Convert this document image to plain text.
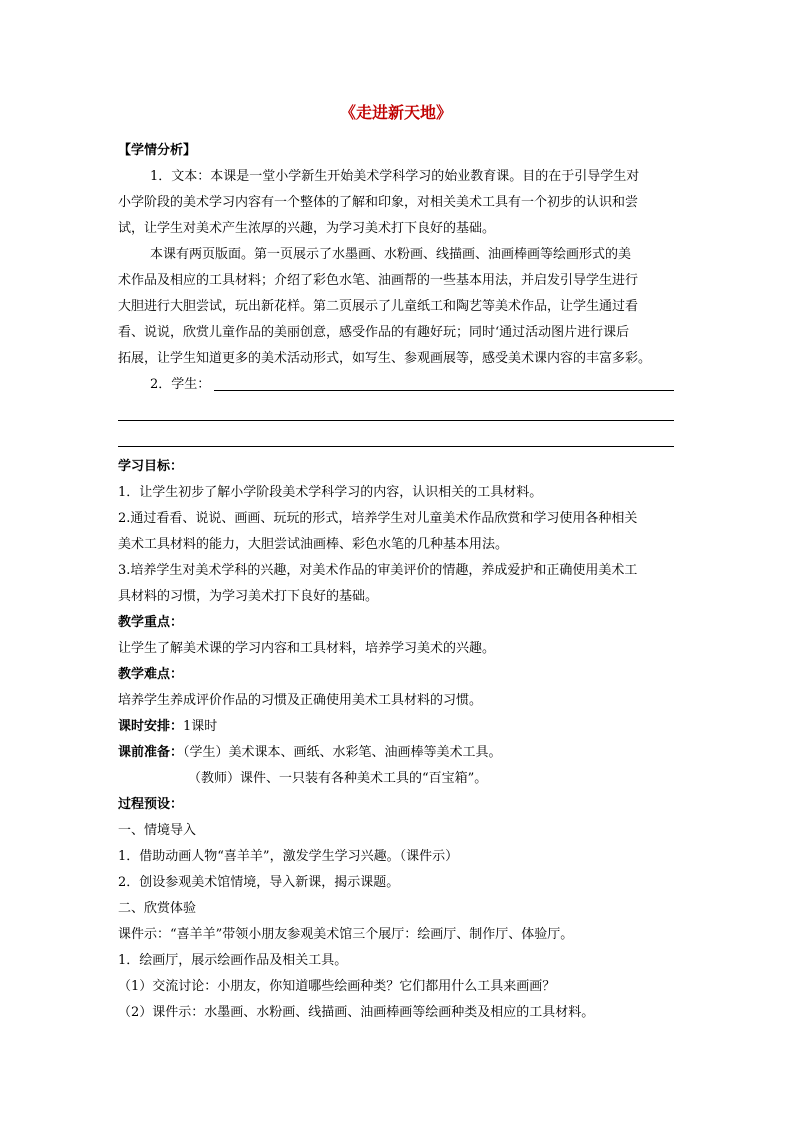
《走进新天地》
【学情分析】
1．文本：本课是一堂小学新生开始美术学科学习的始业教育课。目的在于引导学生对
小学阶段的美术学习内容有一个整体的了解和印象，对相关美术工具有一个初步的认识和尝
试，让学生对美术产生浓厚的兴趣，为学习美术打下良好的基础。
本课有两页版面。第一页展示了水墨画、水粉画、线描画、油画棒画等绘画形式的美
术作品及相应的工具材料；介绍了彩色水笔、油画帮的一些基本用法，并启发引导学生进行
大胆进行大胆尝试，玩出新花样。第二页展示了儿童纸工和陶艺等美术作品，让学生通过看
看、说说，欣赏儿童作品的美丽创意，感受作品的有趣好玩；同时‘通过活动图片进行课后
拓展，让学生知道更多的美术活动形式，如写生、参观画展等，感受美术课内容的丰富多彩。
2．学生：
学习目标：
1．让学生初步了解小学阶段美术学科学习的内容，认识相关的工具材料。
2.通过看看、说说、画画、玩玩的形式，培养学生对儿童美术作品欣赏和学习使用各种相关
美术工具材料的能力，大胆尝试油画棒、彩色水笔的几种基本用法。
3.培养学生对美术学科的兴趣，对美术作品的审美评价的情趣，养成爱护和正确使用美术工
具材料的习惯，为学习美术打下良好的基础。
教学重点：
让学生了解美术课的学习内容和工具材料，培养学习美术的兴趣。
教学难点：
培养学生养成评价作品的习惯及正确使用美术工具材料的习惯。
课时安排：1课时
课前准备：（学生）美术课本、画纸、水彩笔、油画棒等美术工具。
（教师）课件、一只装有各种美术工具的“百宝箱”。
过程预设：
一、情境导入
1．借助动画人物“喜羊羊”，激发学生学习兴趣。（课件示）
2．创设参观美术馆情境，导入新课，揭示课题。
二、欣赏体验
课件示：“喜羊羊”带领小朋友参观美术馆三个展厅：绘画厅、制作厅、体验厅。
1．绘画厅，展示绘画作品及相关工具。
（1）交流讨论：小朋友，你知道哪些绘画种类？它们都用什么工具来画画？
（2）课件示：水墨画、水粉画、线描画、油画棒画等绘画种类及相应的工具材料。
